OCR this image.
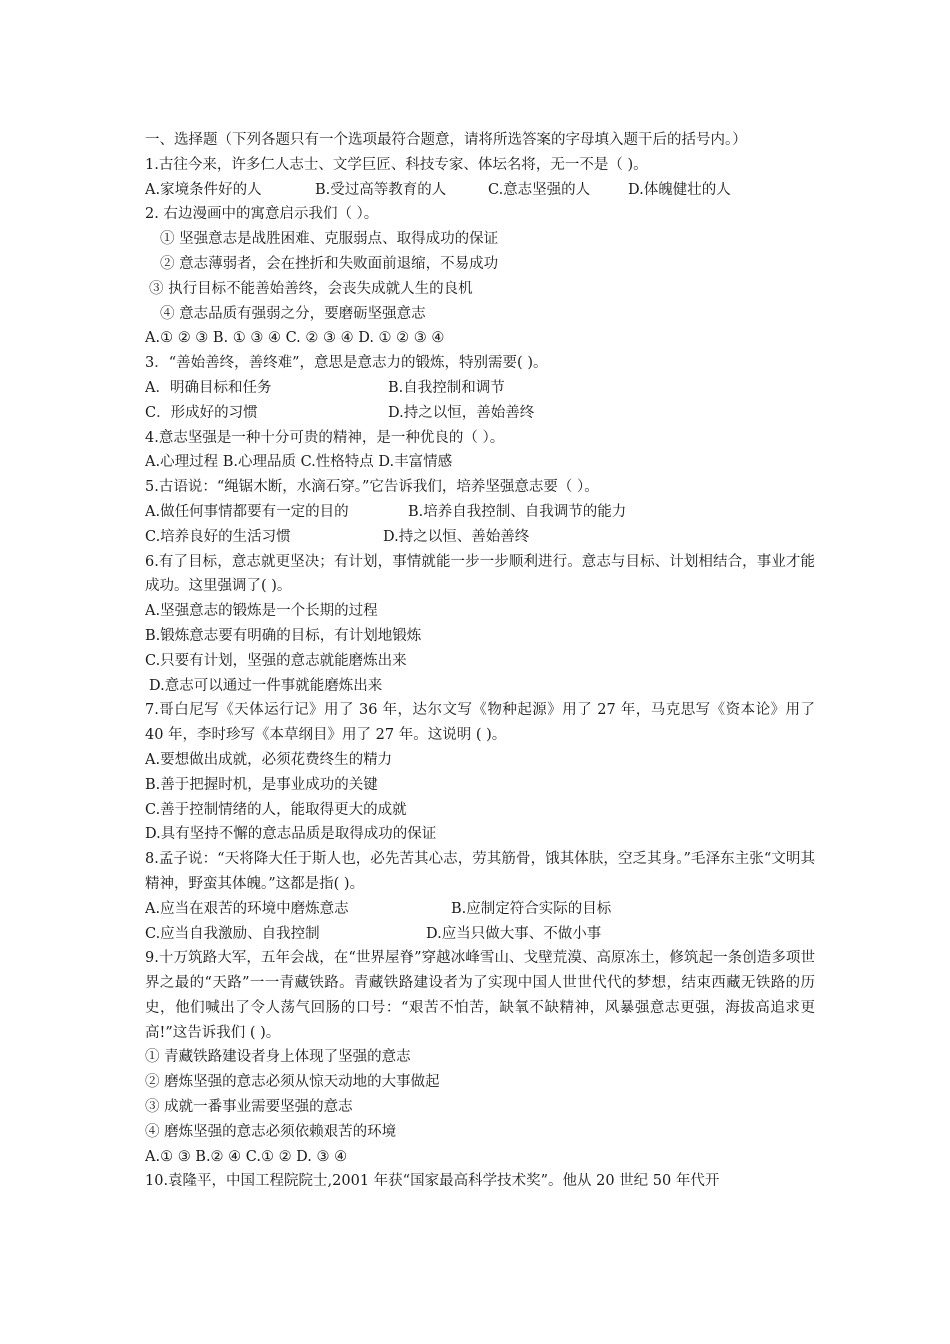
一、选择题（下列各题只有一个选项最符合题意，请将所选答案的字母填入题干后的括号内。）
1.古往今来，许多仁人志士、文学巨匠、科技专家、体坛名将，无一不是（ )。
A.家境条件好的人	B.受过高等教育的人	C.意志坚强的人	D.体魄健壮的人
2. 右边漫画中的寓意启示我们（ ）。
① 坚强意志是战胜困难、克服弱点、取得成功的保证
② 意志薄弱者，会在挫折和失败面前退缩，不易成功
③ 执行目标不能善始善终，会丧失成就人生的良机
④ 意志品质有强弱之分，要磨砺坚强意志
A.① ② ③ B. ① ③ ④ C. ② ③ ④ D. ① ② ③ ④
3．“善始善终，善终难”，意思是意志力的锻炼，特别需要( )。
A．明确目标和任务	B.自我控制和调节
C．形成好的习惯	D.持之以恒，善始善终
4.意志坚强是一种十分可贵的精神，是一种优良的（ ）。
A.心理过程 B.心理品质 C.性格特点 D.丰富情感
5.古语说：“绳锯木断，水滴石穿。”它告诉我们，培养坚强意志要（ ）。
A.做任何事情都要有一定的目的	B.培养自我控制、自我调节的能力
C.培养良好的生活习惯	D.持之以恒、善始善终
6.有了目标，意志就更坚决；有计划，事情就能一步一步顺利进行。意志与目标、计划相结合，事业才能成功。这里强调了( )。
A.坚强意志的锻炼是一个长期的过程
B.锻炼意志要有明确的目标，有计划地锻炼
C.只要有计划，坚强的意志就能磨炼出来
D.意志可以通过一件事就能磨炼出来
7.哥白尼写《天体运行记》用了 36 年，达尔文写《物种起源》用了 27 年，马克思写《资本论》用了 40 年，李时珍写《本草纲目》用了 27 年。这说明 ( )。
A.要想做出成就，必须花费终生的精力
B.善于把握时机，是事业成功的关键
C.善于控制情绪的人，能取得更大的成就
D.具有坚持不懈的意志品质是取得成功的保证
8.孟子说：“天将降大任于斯人也，必先苦其心志，劳其筋骨，饿其体肤，空乏其身。”毛泽东主张“文明其精神，野蛮其体魄。”这都是指( )。
A.应当在艰苦的环境中磨炼意志	B.应制定符合实际的目标
C.应当自我激励、自我控制	D.应当只做大事、不做小事
9.十万筑路大军，五年会战，在“世界屋脊”穿越冰峰雪山、戈壁荒漠、高原冻土，修筑起一条创造多项世界之最的“天路”一一青藏铁路。青藏铁路建设者为了实现中国人世世代代的梦想，结束西藏无铁路的历史，他们喊出了令人荡气回肠的口号：“艰苦不怕苦，缺氧不缺精神，风暴强意志更强，海拔高追求更高!”这告诉我们 ( )。
① 青藏铁路建设者身上体现了坚强的意志
② 磨炼坚强的意志必须从惊天动地的大事做起
③ 成就一番事业需要坚强的意志
④ 磨炼坚强的意志必须依赖艰苦的环境
A.① ③ B.② ④ C.① ② D. ③ ④
10.袁隆平，中国工程院院士,2001 年获“国家最高科学技术奖”。他从 20 世纪 50 年代开
